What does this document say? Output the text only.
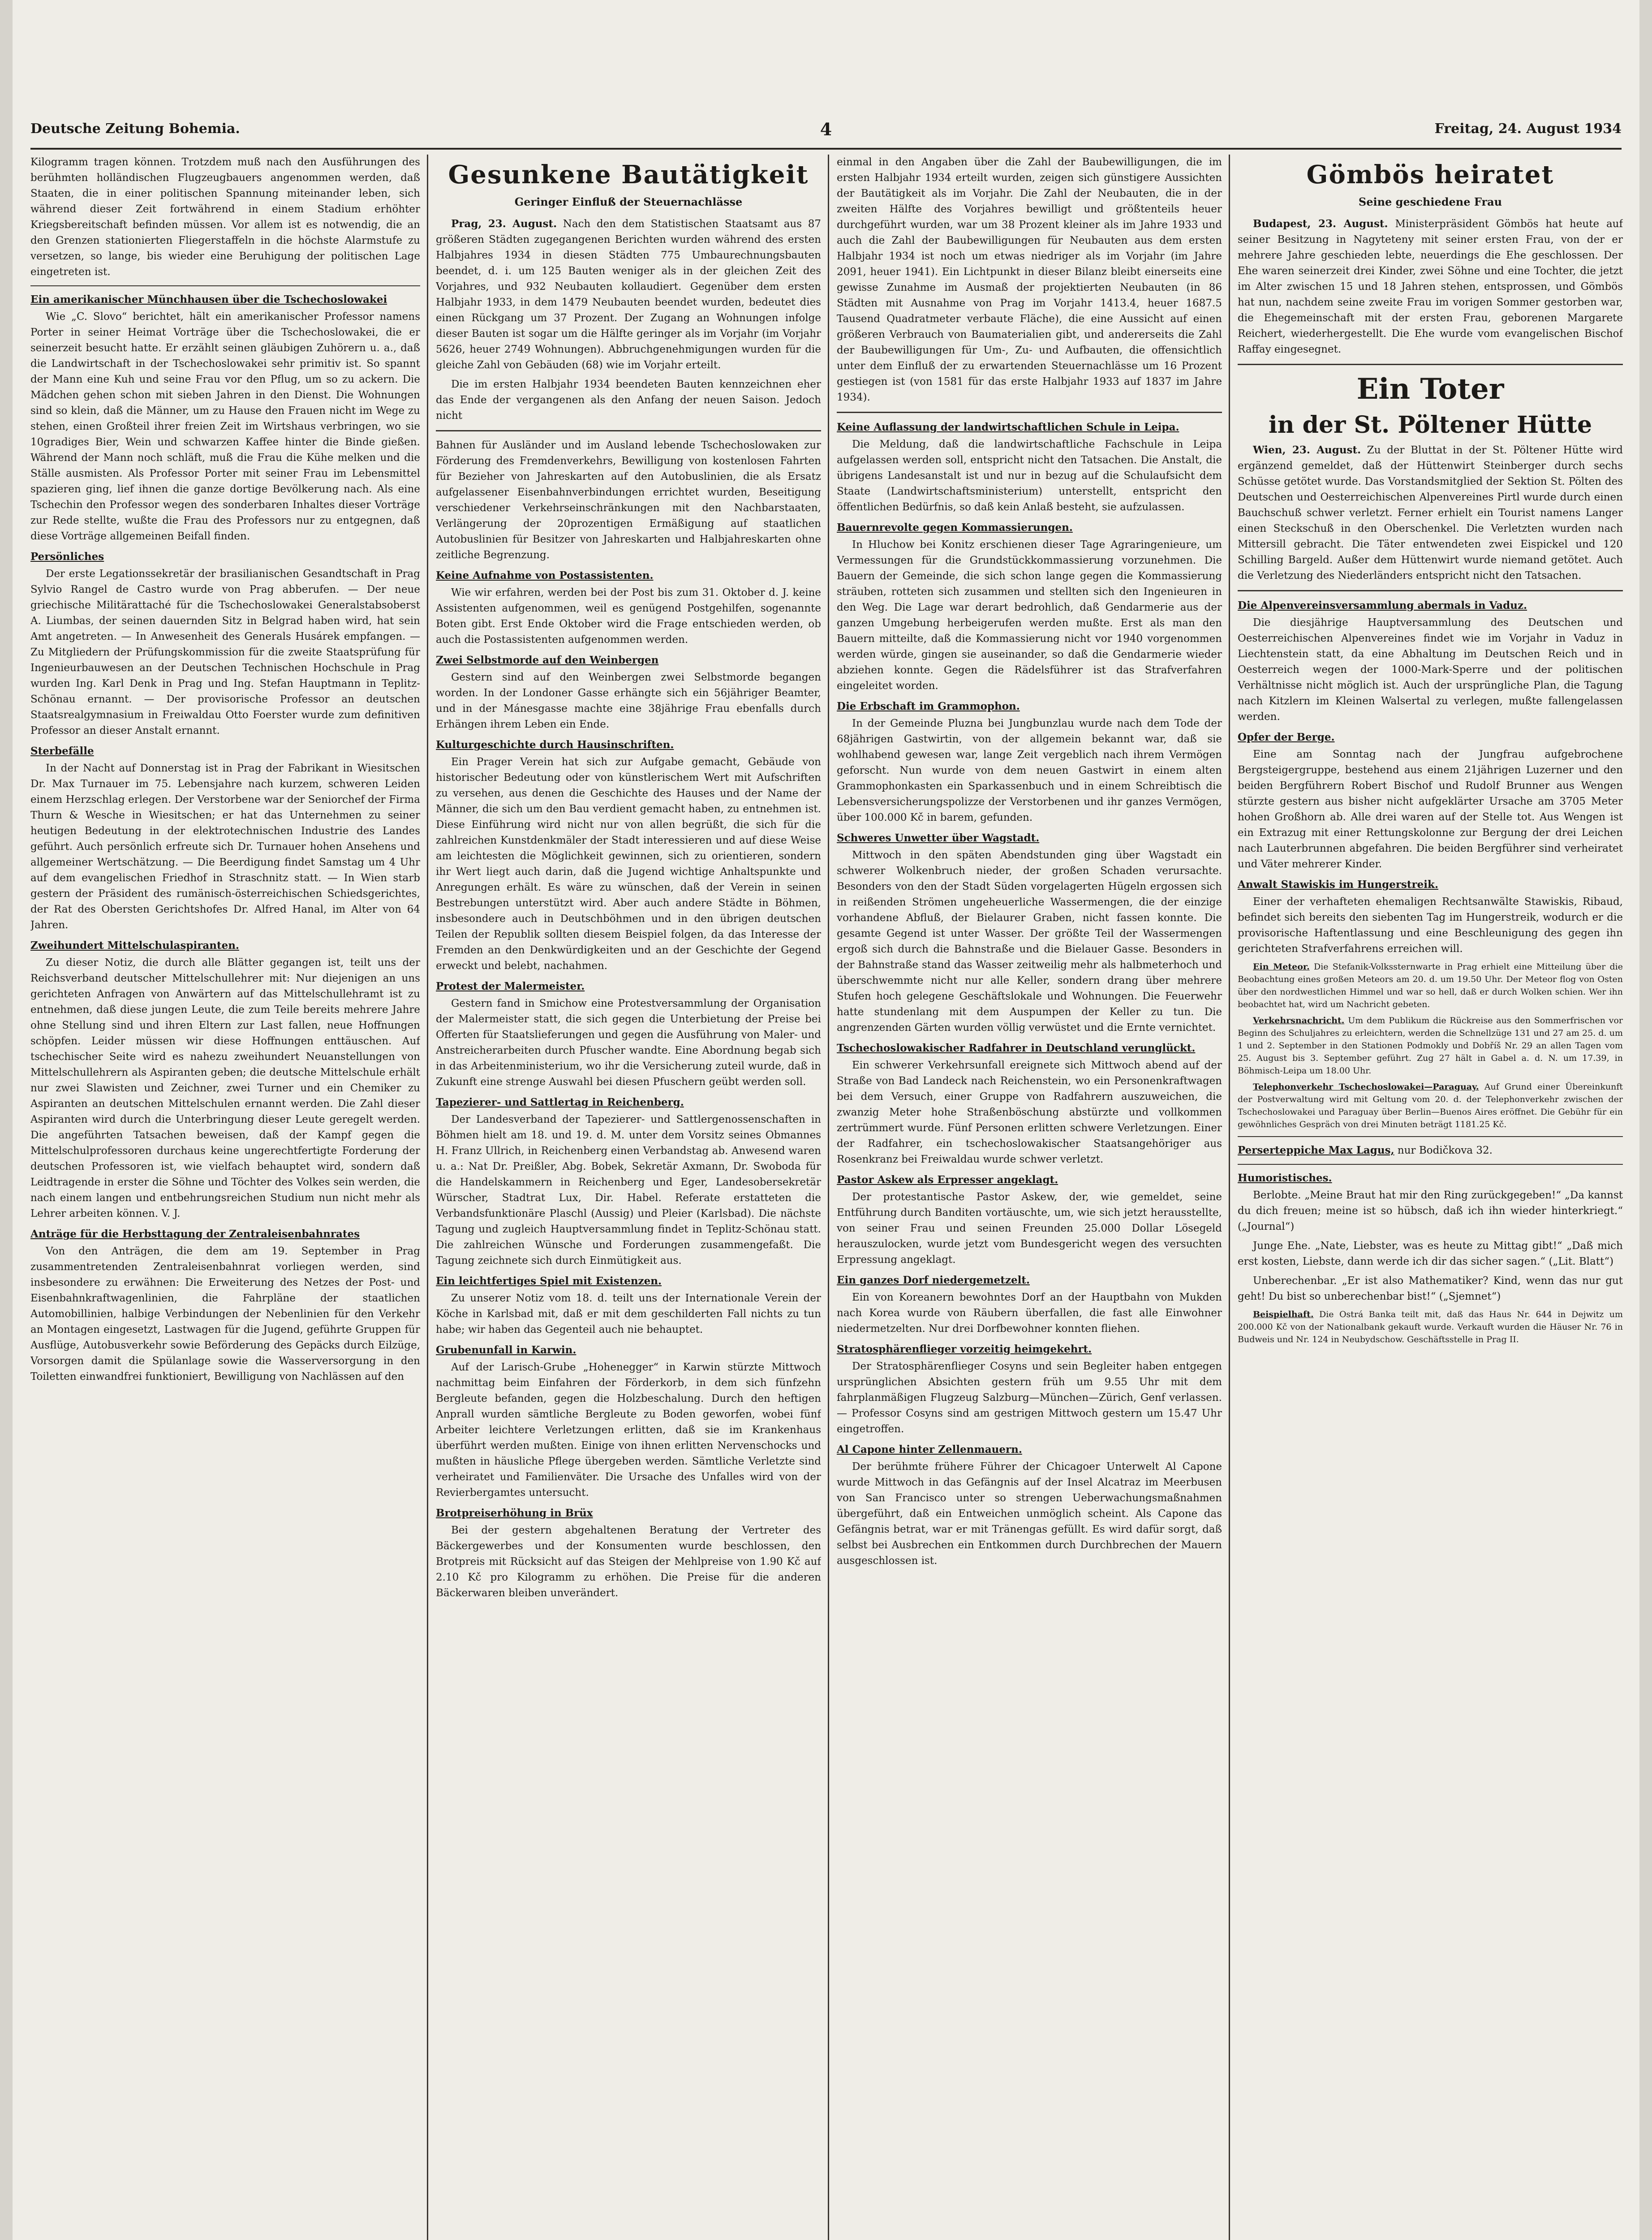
Deutsche Zeitung Bohemia.	4	Freitag, 24. August 1934

Kilogramm tragen können. Trotzdem muß nach den Ausführungen des berühmten holländischen Flugzeugbauers angenommen werden, daß Staaten, die in einer politischen Spannung miteinander leben, sich während dieser Zeit fortwährend in einem Stadium erhöhter Kriegsbereitschaft befinden müssen. Vor allem ist es notwendig, die an den Grenzen stationierten Fliegerstaffeln in die höchste Alarmstufe zu versetzen, so lange, bis wieder eine Beruhigung der politischen Lage eingetreten ist.

Ein amerikanischer Münchhausen über die Tschechoslowakei

Wie „C. Slovo“ berichtet, hält ein amerikanischer Professor namens Porter in seiner Heimat Vorträge über die Tschechoslowakei, die er seinerzeit besucht hatte. Er erzählt seinen gläubigen Zuhörern u. a., daß die Landwirtschaft in der Tschechoslowakei sehr primitiv ist. So spannt der Mann eine Kuh und seine Frau vor den Pflug, um so zu ackern. Die Mädchen gehen schon mit sieben Jahren in den Dienst. Die Wohnungen sind so klein, daß die Männer, um zu Hause den Frauen nicht im Wege zu stehen, einen Großteil ihrer freien Zeit im Wirtshaus verbringen, wo sie 10gradiges Bier, Wein und schwarzen Kaffee hinter die Binde gießen. Während der Mann noch schläft, muß die Frau die Kühe melken und die Ställe ausmisten. Als Professor Porter mit seiner Frau im Lebensmittel spazieren ging, lief ihnen die ganze dortige Bevölkerung nach. Als eine Tschechin den Professor wegen des sonderbaren Inhaltes dieser Vorträge zur Rede stellte, wußte die Frau des Professors nur zu entgegnen, daß diese Vorträge allgemeinen Beifall finden.

Persönliches

Der erste Legationssekretär der brasilianischen Gesandtschaft in Prag Sylvio Rangel de Castro wurde von Prag abberufen. — Der neue griechische Militärattaché für die Tschechoslowakei Generalstabsoberst A. Liumbas, der seinen dauernden Sitz in Belgrad haben wird, hat sein Amt angetreten. — In Anwesenheit des Generals Husárek empfangen. — Zu Mitgliedern der Prüfungskommission für die zweite Staatsprüfung für Ingenieurbauwesen an der Deutschen Technischen Hochschule in Prag wurden Ing. Karl Denk in Prag und Ing. Stefan Hauptmann in Teplitz-Schönau ernannt. — Der provisorische Professor an deutschen Staatsrealgymnasium in Freiwaldau Otto Foerster wurde zum definitiven Professor an dieser Anstalt ernannt.

Sterbefälle

In der Nacht auf Donnerstag ist in Prag der Fabrikant in Wiesitschen Dr. Max Turnauer im 75. Lebensjahre nach kurzem, schweren Leiden einem Herzschlag erlegen. Der Verstorbene war der Seniorchef der Firma Thurn & Wesche in Wiesitschen; er hat das Unternehmen zu seiner heutigen Bedeutung in der elektrotechnischen Industrie des Landes geführt. Auch persönlich erfreute sich Dr. Turnauer hohen Ansehens und allgemeiner Wertschätzung. — Die Beerdigung findet Samstag um 4 Uhr auf dem evangelischen Friedhof in Straschnitz statt. — In Wien starb gestern der Präsident des rumänisch-österreichischen Schiedsgerichtes, der Rat des Obersten Gerichtshofes Dr. Alfred Hanal, im Alter von 64 Jahren.

Zweihundert Mittelschulaspiranten.

Zu dieser Notiz, die durch alle Blätter gegangen ist, teilt uns der Reichsverband deutscher Mittelschullehrer mit: Nur diejenigen an uns gerichteten Anfragen von Anwärtern auf das Mittelschullehramt ist zu entnehmen, daß diese jungen Leute, die zum Teile bereits mehrere Jahre ohne Stellung sind und ihren Eltern zur Last fallen, neue Hoffnungen schöpfen. Leider müssen wir diese Hoffnungen enttäuschen. Auf tschechischer Seite wird es nahezu zweihundert Neuanstellungen von Mittelschullehrern als Aspiranten geben; die deutsche Mittelschule erhält nur zwei Slawisten und Zeichner, zwei Turner und ein Chemiker zu Aspiranten an deutschen Mittelschulen ernannt werden. Die Zahl dieser Aspiranten wird durch die Unterbringung dieser Leute geregelt werden. Die angeführten Tatsachen beweisen, daß der Kampf gegen die Mittelschulprofessoren durchaus keine ungerechtfertigte Forderung der deutschen Professoren ist, wie vielfach behauptet wird, sondern daß Leidtragende in erster die Söhne und Töchter des Volkes sein werden, die nach einem langen und entbehrungsreichen Studium nun nicht mehr als Lehrer arbeiten können. V. J.

Anträge für die Herbsttagung der Zentraleisenbahnrates

Von den Anträgen, die dem am 19. September in Prag zusammentretenden Zentraleisenbahnrat vorliegen werden, sind insbesondere zu erwähnen: Die Erweiterung des Netzes der Post- und Eisenbahnkraftwagenlinien, die Fahrpläne der staatlichen Automobillinien, halbige Verbindungen der Nebenlinien für den Verkehr an Montagen eingesetzt, Lastwagen für die Jugend, geführte Gruppen für Ausflüge, Autobusverkehr sowie Beförderung des Gepäcks durch Eilzüge, Vorsorgen damit die Spülanlage sowie die Wasserversorgung in den Toiletten einwandfrei funktioniert, Bewilligung von Nachlässen auf den

Gesunkene Bautätigkeit
Geringer Einfluß der Steuernachlässe

Prag, 23. August. Nach den dem Statistischen Staatsamt aus 87 größeren Städten zugegangenen Berichten wurden während des ersten Halbjahres 1934 in diesen Städten 775 Umbaurechnungsbauten beendet, d. i. um 125 Bauten weniger als in der gleichen Zeit des Vorjahres, und 932 Neubauten kollaudiert. Gegenüber dem ersten Halbjahr 1933, in dem 1479 Neubauten beendet wurden, bedeutet dies einen Rückgang um 37 Prozent. Der Zugang an Wohnungen infolge dieser Bauten ist sogar um die Hälfte geringer als im Vorjahr (im Vorjahr 5626, heuer 2749 Wohnungen). Abbruchgenehmigungen wurden für die gleiche Zahl von Gebäuden (68) wie im Vorjahr erteilt.

Die im ersten Halbjahr 1934 beendeten Bauten kennzeichnen eher das Ende der vergangenen als den Anfang der neuen Saison. Jedoch nicht

Bahnen für Ausländer und im Ausland lebende Tschechoslowaken zur Förderung des Fremdenverkehrs, Bewilligung von kostenlosen Fahrten für Bezieher von Jahreskarten auf den Autobuslinien, die als Ersatz aufgelassener Eisenbahnverbindungen errichtet wurden, Beseitigung verschiedener Verkehrseinschränkungen mit den Nachbarstaaten, Verlängerung der 20prozentigen Ermäßigung auf staatlichen Autobuslinien für Besitzer von Jahreskarten und Halbjahreskarten ohne zeitliche Begrenzung.

Keine Aufnahme von Postassistenten.

Wie wir erfahren, werden bei der Post bis zum 31. Oktober d. J. keine Assistenten aufgenommen, weil es genügend Postgehilfen, sogenannte Boten gibt. Erst Ende Oktober wird die Frage entschieden werden, ob auch die Postassistenten aufgenommen werden.

Zwei Selbstmorde auf den Weinbergen

Gestern sind auf den Weinbergen zwei Selbstmorde begangen worden. In der Londoner Gasse erhängte sich ein 56jähriger Beamter, und in der Mánesgasse machte eine 38jährige Frau ebenfalls durch Erhängen ihrem Leben ein Ende.

Kulturgeschichte durch Hausinschriften.

Ein Prager Verein hat sich zur Aufgabe gemacht, Gebäude von historischer Bedeutung oder von künstlerischem Wert mit Aufschriften zu versehen, aus denen die Geschichte des Hauses und der Name der Männer, die sich um den Bau verdient gemacht haben, zu entnehmen ist. Diese Einführung wird nicht nur von allen begrüßt, die sich für die zahlreichen Kunstdenkmäler der Stadt interessieren und auf diese Weise am leichtesten die Möglichkeit gewinnen, sich zu orientieren, sondern ihr Wert liegt auch darin, daß die Jugend wichtige Anhaltspunkte und Anregungen erhält. Es wäre zu wünschen, daß der Verein in seinen Bestrebungen unterstützt wird. Aber auch andere Städte in Böhmen, insbesondere auch in Deutschböhmen und in den übrigen deutschen Teilen der Republik sollten diesem Beispiel folgen, da das Interesse der Fremden an den Denkwürdigkeiten und an der Geschichte der Gegend erweckt und belebt, nachahmen.

Protest der Malermeister.

Gestern fand in Smichow eine Protestversammlung der Organisation der Malermeister statt, die sich gegen die Unterbietung der Preise bei Offerten für Staatslieferungen und gegen die Ausführung von Maler- und Anstreicherarbeiten durch Pfuscher wandte. Eine Abordnung begab sich in das Arbeitenministerium, wo ihr die Versicherung zuteil wurde, daß in Zukunft eine strenge Auswahl bei diesen Pfuschern geübt werden soll.

Tapezierer- und Sattlertag in Reichenberg.

Der Landesverband der Tapezierer- und Sattlergenossenschaften in Böhmen hielt am 18. und 19. d. M. unter dem Vorsitz seines Obmannes H. Franz Ullrich, in Reichenberg einen Verbandstag ab. Anwesend waren u. a.: Nat Dr. Preißler, Abg. Bobek, Sekretär Axmann, Dr. Swoboda für die Handelskammern in Reichenberg und Eger, Landesobersekretär Würscher, Stadtrat Lux, Dir. Habel. Referate erstatteten die Verbandsfunktionäre Plaschl (Aussig) und Pleier (Karlsbad). Die nächste Tagung und zugleich Hauptversammlung findet in Teplitz-Schönau statt. Die zahlreichen Wünsche und Forderungen zusammengefaßt. Die Tagung zeichnete sich durch Einmütigkeit aus.

Ein leichtfertiges Spiel mit Existenzen.

Zu unserer Notiz vom 18. d. teilt uns der Internationale Verein der Köche in Karlsbad mit, daß er mit dem geschilderten Fall nichts zu tun habe; wir haben das Gegenteil auch nie behauptet.

Grubenunfall in Karwin.

Auf der Larisch-Grube „Hohenegger“ in Karwin stürzte Mittwoch nachmittag beim Einfahren der Förderkorb, in dem sich fünfzehn Bergleute befanden, gegen die Holzbeschalung. Durch den heftigen Anprall wurden sämtliche Bergleute zu Boden geworfen, wobei fünf Arbeiter leichtere Verletzungen erlitten, daß sie im Krankenhaus überführt werden mußten. Einige von ihnen erlitten Nervenschocks und mußten in häusliche Pflege übergeben werden. Sämtliche Verletzte sind verheiratet und Familienväter. Die Ursache des Unfalles wird von der Revierbergamtes untersucht.

Brotpreiserhöhung in Brüx

Bei der gestern abgehaltenen Beratung der Vertreter des Bäckergewerbes und der Konsumenten wurde beschlossen, den Brotpreis mit Rücksicht auf das Steigen der Mehlpreise von 1.90 Kč auf 2.10 Kč pro Kilogramm zu erhöhen. Die Preise für die anderen Bäckerwaren bleiben unverändert.

einmal in den Angaben über die Zahl der Baubewilligungen, die im ersten Halbjahr 1934 erteilt wurden, zeigen sich günstigere Aussichten der Bautätigkeit als im Vorjahr. Die Zahl der Neubauten, die in der zweiten Hälfte des Vorjahres bewilligt und größtenteils heuer durchgeführt wurden, war um 38 Prozent kleiner als im Jahre 1933 und auch die Zahl der Baubewilligungen für Neubauten aus dem ersten Halbjahr 1934 ist noch um etwas niedriger als im Vorjahr (im Jahre 2091, heuer 1941). Ein Lichtpunkt in dieser Bilanz bleibt einerseits eine gewisse Zunahme im Ausmaß der projektierten Neubauten (in 86 Städten mit Ausnahme von Prag im Vorjahr 1413.4, heuer 1687.5 Tausend Quadratmeter verbaute Fläche), die eine Aussicht auf einen größeren Verbrauch von Baumaterialien gibt, und andererseits die Zahl der Baubewilligungen für Um-, Zu- und Aufbauten, die offensichtlich unter dem Einfluß der zu erwartenden Steuernachlässe um 16 Prozent gestiegen ist (von 1581 für das erste Halbjahr 1933 auf 1837 im Jahre 1934).

Keine Auflassung der landwirtschaftlichen Schule in Leipa.

Die Meldung, daß die landwirtschaftliche Fachschule in Leipa aufgelassen werden soll, entspricht nicht den Tatsachen. Die Anstalt, die übrigens Landesanstalt ist und nur in bezug auf die Schulaufsicht dem Staate (Landwirtschaftsministerium) unterstellt, entspricht den öffentlichen Bedürfnis, so daß kein Anlaß besteht, sie aufzulassen.

Bauernrevolte gegen Kommassierungen.

In Hluchow bei Konitz erschienen dieser Tage Agraringenieure, um Vermessungen für die Grundstückkommassierung vorzunehmen. Die Bauern der Gemeinde, die sich schon lange gegen die Kommassierung sträuben, rotteten sich zusammen und stellten sich den Ingenieuren in den Weg. Die Lage war derart bedrohlich, daß Gendarmerie aus der ganzen Umgebung herbeigerufen werden mußte. Erst als man den Bauern mitteilte, daß die Kommassierung nicht vor 1940 vorgenommen werden würde, gingen sie auseinander, so daß die Gendarmerie wieder abziehen konnte. Gegen die Rädelsführer ist das Strafverfahren eingeleitet worden.

Die Erbschaft im Grammophon.

In der Gemeinde Pluzna bei Jungbunzlau wurde nach dem Tode der 68jährigen Gastwirtin, von der allgemein bekannt war, daß sie wohlhabend gewesen war, lange Zeit vergeblich nach ihrem Vermögen geforscht. Nun wurde von dem neuen Gastwirt in einem alten Grammophonkasten ein Sparkassenbuch und in einem Schreibtisch die Lebensversicherungspolizze der Verstorbenen und ihr ganzes Vermögen, über 100.000 Kč in barem, gefunden.

Schweres Unwetter über Wagstadt.

Mittwoch in den späten Abendstunden ging über Wagstadt ein schwerer Wolkenbruch nieder, der großen Schaden verursachte. Besonders von den der Stadt Süden vorgelagerten Hügeln ergossen sich in reißenden Strömen ungeheuerliche Wassermengen, die der einzige vorhandene Abfluß, der Bielaurer Graben, nicht fassen konnte. Die gesamte Gegend ist unter Wasser. Der größte Teil der Wassermengen ergoß sich durch die Bahnstraße und die Bielauer Gasse. Besonders in der Bahnstraße stand das Wasser zeitweilig mehr als halbmeterhoch und überschwemmte nicht nur alle Keller, sondern drang über mehrere Stufen hoch gelegene Geschäftslokale und Wohnungen. Die Feuerwehr hatte stundenlang mit dem Auspumpen der Keller zu tun. Die angrenzenden Gärten wurden völlig verwüstet und die Ernte vernichtet.

Tschechoslowakischer Radfahrer in Deutschland verunglückt.

Ein schwerer Verkehrsunfall ereignete sich Mittwoch abend auf der Straße von Bad Landeck nach Reichenstein, wo ein Personenkraftwagen bei dem Versuch, einer Gruppe von Radfahrern auszuweichen, die zwanzig Meter hohe Straßenböschung abstürzte und vollkommen zertrümmert wurde. Fünf Personen erlitten schwere Verletzungen. Einer der Radfahrer, ein tschechoslowakischer Staatsangehöriger aus Rosenkranz bei Freiwaldau wurde schwer verletzt.

Pastor Askew als Erpresser angeklagt.

Der protestantische Pastor Askew, der, wie gemeldet, seine Entführung durch Banditen vortäuschte, um, wie sich jetzt herausstellte, von seiner Frau und seinen Freunden 25.000 Dollar Lösegeld herauszulocken, wurde jetzt vom Bundesgericht wegen des versuchten Erpressung angeklagt.

Ein ganzes Dorf niedergemetzelt.

Ein von Koreanern bewohntes Dorf an der Hauptbahn von Mukden nach Korea wurde von Räubern überfallen, die fast alle Einwohner niedermetzelten. Nur drei Dorfbewohner konnten fliehen.

Stratosphärenflieger vorzeitig heimgekehrt.

Der Stratosphärenflieger Cosyns und sein Begleiter haben entgegen ursprünglichen Absichten gestern früh um 9.55 Uhr mit dem fahrplanmäßigen Flugzeug Salzburg—München—Zürich, Genf verlassen. — Professor Cosyns sind am gestrigen Mittwoch gestern um 15.47 Uhr eingetroffen.

Al Capone hinter Zellenmauern.

Der berühmte frühere Führer der Chicagoer Unterwelt Al Capone wurde Mittwoch in das Gefängnis auf der Insel Alcatraz im Meerbusen von San Francisco unter so strengen Ueberwachungsmaßnahmen übergeführt, daß ein Entweichen unmöglich scheint. Als Capone das Gefängnis betrat, war er mit Tränengas gefüllt. Es wird dafür sorgt, daß selbst bei Ausbrechen ein Entkommen durch Durchbrechen der Mauern ausgeschlossen ist.

Gömbös heiratet
Seine geschiedene Frau

Budapest, 23. August. Ministerpräsident Gömbös hat heute auf seiner Besitzung in Nagyteteny mit seiner ersten Frau, von der er mehrere Jahre geschieden lebte, neuerdings die Ehe geschlossen. Der Ehe waren seinerzeit drei Kinder, zwei Söhne und eine Tochter, die jetzt im Alter zwischen 15 und 18 Jahren stehen, entsprossen, und Gömbös hat nun, nachdem seine zweite Frau im vorigen Sommer gestorben war, die Ehegemeinschaft mit der ersten Frau, geborenen Margarete Reichert, wiederhergestellt. Die Ehe wurde vom evangelischen Bischof Raffay eingesegnet.

Ein Toter
in der St. Pöltener Hütte

Wien, 23. August. Zu der Bluttat in der St. Pöltener Hütte wird ergänzend gemeldet, daß der Hüttenwirt Steinberger durch sechs Schüsse getötet wurde. Das Vorstandsmitglied der Sektion St. Pölten des Deutschen und Oesterreichischen Alpenvereines Pirtl wurde durch einen Bauchschuß schwer verletzt. Ferner erhielt ein Tourist namens Langer einen Steckschuß in den Oberschenkel. Die Verletzten wurden nach Mittersill gebracht. Die Täter entwendeten zwei Eispickel und 120 Schilling Bargeld. Außer dem Hüttenwirt wurde niemand getötet. Auch die Verletzung des Niederländers entspricht nicht den Tatsachen.

Die Alpenvereinsversammlung abermals in Vaduz.

Die diesjährige Hauptversammlung des Deutschen und Oesterreichischen Alpenvereines findet wie im Vorjahr in Vaduz in Liechtenstein statt, da eine Abhaltung im Deutschen Reich und in Oesterreich wegen der 1000-Mark-Sperre und der politischen Verhältnisse nicht möglich ist. Auch der ursprüngliche Plan, die Tagung nach Kitzlern im Kleinen Walsertal zu verlegen, mußte fallengelassen werden.

Opfer der Berge.

Eine am Sonntag nach der Jungfrau aufgebrochene Bergsteigergruppe, bestehend aus einem 21jährigen Luzerner und den beiden Bergführern Robert Bischof und Rudolf Brunner aus Wengen stürzte gestern aus bisher nicht aufgeklärter Ursache am 3705 Meter hohen Großhorn ab. Alle drei waren auf der Stelle tot. Aus Wengen ist ein Extrazug mit einer Rettungskolonne zur Bergung der drei Leichen nach Lauterbrunnen abgefahren. Die beiden Bergführer sind verheiratet und Väter mehrerer Kinder.

Anwalt Stawiskis im Hungerstreik.

Einer der verhafteten ehemaligen Rechtsanwälte Stawiskis, Ribaud, befindet sich bereits den siebenten Tag im Hungerstreik, wodurch er die provisorische Haftentlassung und eine Beschleunigung des gegen ihn gerichteten Strafverfahrens erreichen will.

Ein Meteor. Die Stefanik-Volkssternwarte in Prag erhielt eine Mitteilung über die Beobachtung eines großen Meteors am 20. d. um 19.50 Uhr. Der Meteor flog von Osten über den nordwestlichen Himmel und war so hell, daß er durch Wolken schien. Wer ihn beobachtet hat, wird um Nachricht gebeten.

Verkehrsnachricht. Um dem Publikum die Rückreise aus den Sommerfrischen vor Beginn des Schuljahres zu erleichtern, werden die Schnellzüge 131 und 27 am 25. d. um 1 und 2. September in den Stationen Podmokly und Dobříš Nr. 29 an allen Tagen vom 25. August bis 3. September geführt. Zug 27 hält in Gabel a. d. N. um 17.39, in Böhmisch-Leipa um 18.00 Uhr.

Telephonverkehr Tschechoslowakei—Paraguay. Auf Grund einer Übereinkunft der Postverwaltung wird mit Geltung vom 20. d. der Telephonverkehr zwischen der Tschechoslowakei und Paraguay über Berlin—Buenos Aires eröffnet. Die Gebühr für ein gewöhnliches Gespräch von drei Minuten beträgt 1181.25 Kč.

Perserteppiche Max Lagus, nur Bodičkova 32.

Humoristisches.

Berlobte. „Meine Braut hat mir den Ring zurückgegeben!“ „Da kannst du dich freuen; meine ist so hübsch, daß ich ihn wieder hinterkriegt.“ („Journal“)

Junge Ehe. „Nate, Liebster, was es heute zu Mittag gibt!“ „Daß mich erst kosten, Liebste, dann werde ich dir das sicher sagen.“ („Lit. Blatt“)

Unberechenbar. „Er ist also Mathematiker? Kind, wenn das nur gut geht! Du bist so unberechenbar bist!“ („Sjemnet“)

Beispielhaft. Die Ostrá Banka teilt mit, daß das Haus Nr. 644 in Dejwitz um 200.000 Kč von der Nationalbank gekauft wurde. Verkauft wurden die Häuser Nr. 76 in Budweis und Nr. 124 in Neubydschow. Geschäftsstelle in Prag II.
